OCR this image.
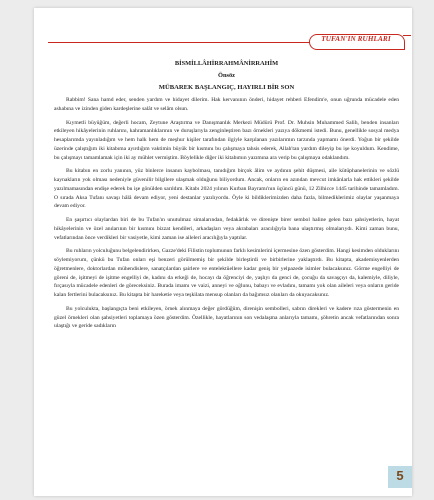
TUFAN'IN RUHLARI
BİSMİLLÂHİRRAHMÂNİRRAHÎM
Önsöz
MÜBAREK BAŞLANGIÇ, HAYIRLI BİR SON

Rabbim! Sana hamd eder, senden yardım ve hidayet dilerim. Hak kervanının önderi, hidayet rehberi Efendim'e, onun uğrunda mücadele eden ashabına ve izinden giden kardeşlerine salât ve selâm olsun.

Kıymetli büyüğüm, değerli hocam, Zeytune Araştırma ve Danışmanlık Merkezi Müdürü Prof. Dr. Muhsin Muhammed Salih, benden insanları etkileyen hikâyelerinin ruhlarını, kahramanlıklarının ve duruşlarıyla zenginleştiren bazı örnekleri yazıya dökmemi istedi. Bunu, genellikle sosyal medya hesaplarımda yayınladığım ve hem halk hem de meşhur kişiler tarafından ilgiyle karşılanan yazılarımın tarzında yapmamı önerdi. Yoğun bir şekilde üzerinde çalıştığım iki kitabıma ayırdığım vaktimin büyük bir kısmını bu çalışmaya tahsis ederek, Allah'tan yardım dileyip bu işe koyuldum. Kendime, bu çalışmayı tamamlamak için iki ay mühlet vermiştim. Böylelikle diğer iki kitabımın yazımına ara verip bu çalışmaya odaklandım.

Bu kitabın en zorlu yanının, yüz binlerce insanın kaybolması, tanıdığım birçok âlim ve aydının şehit düşmesi, aile kütüphanelerinin ve sözlü kaynakların yok olması nedeniyle güvenilir bilgilere ulaşmak olduğunu biliyordum. Ancak, onların en azından mevcut imkânlarla hak ettikleri şekilde yazılmamasından endişe ederek bu işe gönülden sarıldım. Kitabı 2024 yılının Kurban Bayramı'nın üçüncü günü, 12 Zilhicce 1445 tarihinde tamamladım. O sırada Aksa Tufanı savaşı hâlâ devam ediyor, yeni destanlar yazılıyordu. Öyle ki bildiklerimizden daha fazla, bilmediklerimiz olaylar yaşanmaya devam ediyor.

En şaşırtıcı olaylardan biri de bu Tufan'ın unutulmaz simalarından, fedakârlık ve direnişte birer sembol haline gelen bazı şahsiyetlerin, hayat hikâyelerinin ve özel anılarının bir kısmını bizzat kendileri, arkadaşları veya akrabaları aracılığıyla bana ulaştırmış olmalarıydı. Kimi zaman bunu, vefatlarından önce verdikleri bir vasiyetle, kimi zaman ise aileleri aracılığıyla yaptılar.

Bu ruhların yolculuğunu belgelendirirken, Gazze'deki Filistin toplumunun farklı kesimlerini içermesine özen gösterdim. Hangi kesimden olduklarını söylemiyorum, çünkü bu Tufan onları eşi benzeri görülmemiş bir şekilde birleştirdi ve birbirlerine yaklaştırdı. Bu kitapta, akademisyenlerden öğretmenlere, doktorlardan mühendislere, sanatçılardan şairlere ve entelektüellere kadar geniş bir yelpazede isimler bulacaksınız. Görme engelliyi de göreni de, işitmeyi de işitme engelliyi de, kadını da erkeği de, hocayı da öğrenciyi de, yaşlıyı da genci de, çocuğu da savaşçıyı da, kalemiyle, diliyle, fırçasıyla mücadele edenleri de göreceksiniz. Burada imamı ve vaizi, anneyi ve oğlunu, babayı ve evladını, tamamı yok olan aileleri veya onların geride kalan fertlerini bulacaksınız. Bu kitapta bir hareketie veya teşkilata mensup olanları da bağımsız olanları da okuyacaksınız.

Bu yolculukta, başlangıçta beni etkileyen, örnek alınmaya değer gördüğüm, direnişin sembolleri, sabrın direkleri ve kadere rıza göstermenin en güzel örnekleri olan şahsiyetleri toplamaya özen gösterdim. Özellikle, hayatlarının son vedalaşma anlarıyla tamamı, şöhretin ancak vefatlarından sonra ulaştığı ve geride sadıkların

5
